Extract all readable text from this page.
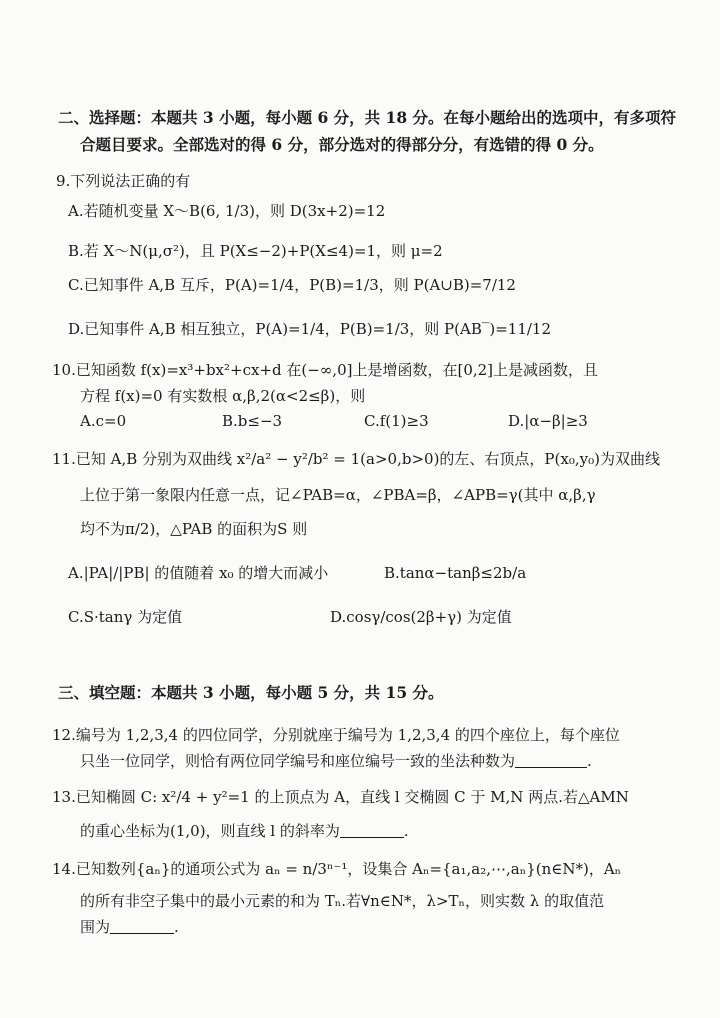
二、选择题：本题共 3 小题，每小题 6 分，共 18 分。在每小题给出的选项中，有多项符
合题目要求。全部选对的得 6 分，部分选对的得部分分，有选错的得 0 分。
9.下列说法正确的有
A.若随机变量 X～B(6, 1/3)，则 D(3x+2)=12
B.若 X～N(μ,σ²)，且 P(X≤−2)+P(X≤4)=1，则 μ=2
C.已知事件 A,B 互斥，P(A)=1/4，P(B)=1/3，则 P(A∪B)=7/12
D.已知事件 A,B 相互独立，P(A)=1/4，P(B)=1/3，则 P(AB‾)=11/12
10.已知函数 f(x)=x³+bx²+cx+d 在(−∞,0]上是增函数，在[0,2]上是减函数，且
方程 f(x)=0 有实数根 α,β,2(α<2≤β)，则
A.c=0	B.b≤−3	C.f(1)≥3	D.|α−β|≥3
11.已知 A,B 分别为双曲线 x²/a² − y²/b² = 1(a>0,b>0)的左、右顶点，P(x₀,y₀)为双曲线
上位于第一象限内任意一点，记∠PAB=α，∠PBA=β，∠APB=γ(其中 α,β,γ
均不为π/2)，△PAB 的面积为S 则
A.|PA|/|PB| 的值随着 x₀ 的增大而减小	B.tanα−tanβ≤2b/a
C.S·tanγ 为定值	D.cosγ/cos(2β+γ) 为定值
三、填空题：本题共 3 小题，每小题 5 分，共 15 分。
12.编号为 1,2,3,4 的四位同学，分别就座于编号为 1,2,3,4 的四个座位上，每个座位
只坐一位同学，则恰有两位同学编号和座位编号一致的坐法种数为	.
13.已知椭圆 C: x²/4 + y²=1 的上顶点为 A，直线 l 交椭圆 C 于 M,N 两点.若△AMN
的重心坐标为(1,0)，则直线 l 的斜率为	.
14.已知数列{aₙ}的通项公式为 aₙ = n/3ⁿ⁻¹，设集合 Aₙ={a₁,a₂,⋯,aₙ}(n∈N*)，Aₙ
的所有非空子集中的最小元素的和为 Tₙ.若∀n∈N*，λ>Tₙ，则实数 λ 的取值范
围为	.
